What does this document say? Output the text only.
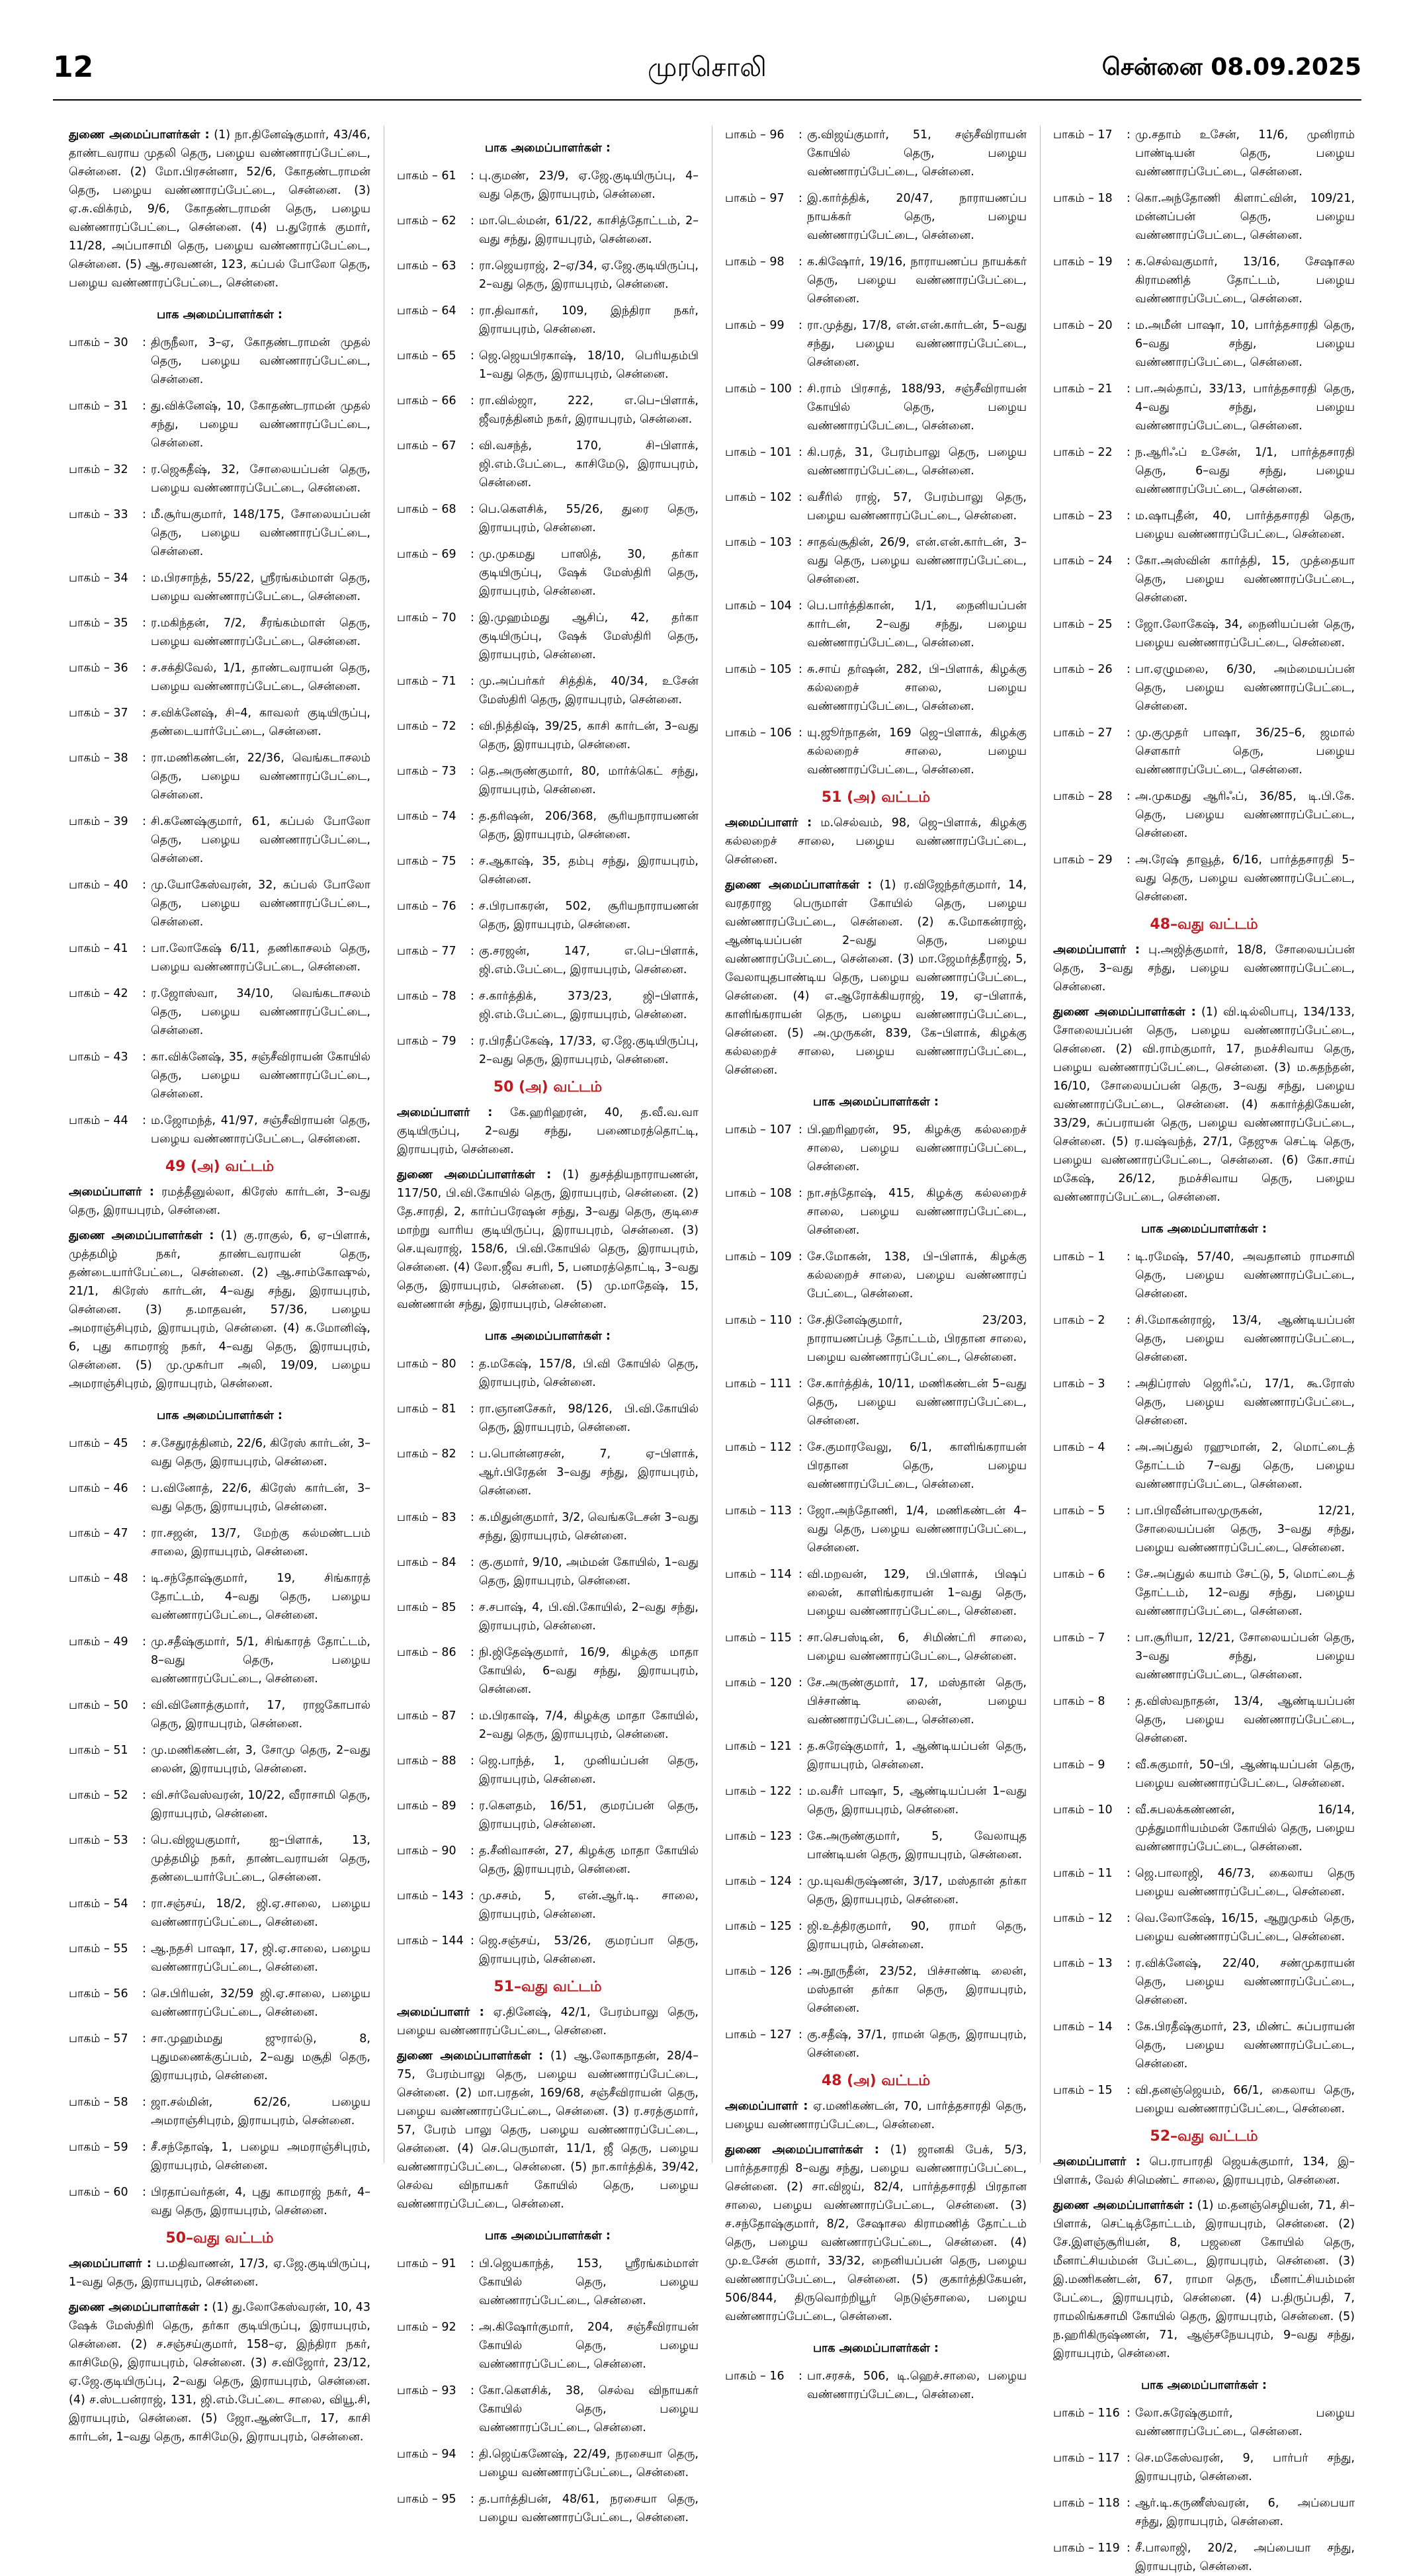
12	முரசொலி	சென்னை 08.09.2025

துணை அமைப்பாளர்கள் : (1) நா.தினேஷ்குமார், 43/46, தாண்டவராய முதலி தெரு, பழைய வண்ணாரப்பேட்டை, சென்னை. (2) மோ.பிரசன்னா, 52/6, கோதண்டராமன் தெரு, பழைய வண்ணாரப்பேட்டை, சென்னை. (3) ஏ.சு.விக்ரம், 9/6, கோதண்டராமன் தெரு, பழைய வண்ணாரப்பேட்டை, சென்னை. (4) ப.துரோக் குமார், 11/28, அப்பாசாமி தெரு, பழைய வண்ணாரப்பேட்டை, சென்னை. (5) ஆ.சரவணன், 123, கப்பல் போலோ தெரு, பழைய வண்ணாரப்பேட்டை, சென்னை.

பாக அமைப்பாளர்கள் :
பாகம் – 30	: திருநீலா, 3–ஏ, கோதண்டராமன் முதல் தெரு, பழைய வண்ணாரப்பேட்டை, சென்னை.
பாகம் – 31	: து.விக்னேஷ், 10, கோதண்டராமன் முதல் சந்து, பழைய வண்ணாரப்பேட்டை, சென்னை.
பாகம் – 32	: ர.ஜெகதீஷ், 32, சோலையப்பன் தெரு, பழைய வண்ணாரப்பேட்டை, சென்னை.
பாகம் – 33	: மீ.சூர்யகுமார், 148/175, சோலையப்பன் தெரு, பழைய வண்ணாரப்பேட்டை, சென்னை.
பாகம் – 34	: ம.பிரசாந்த், 55/22, ஸ்ரீரங்கம்மாள் தெரு, பழைய வண்ணாரப்பேட்டை, சென்னை.
பாகம் – 35	: ர.மகிந்தன், 7/2, சீரங்கம்மாள் தெரு, பழைய வண்ணாரப்பேட்டை, சென்னை.
பாகம் – 36	: ச.சக்திவேல், 1/1, தாண்டவராயன் தெரு, பழைய வண்ணாரப்பேட்டை, சென்னை.
பாகம் – 37	: ச.விக்னேஷ், சி–4, காவலர் குடியிருப்பு, தண்டையார்பேட்டை, சென்னை.
பாகம் – 38	: ரா.மணிகண்டன், 22/36, வெங்கடாசலம் தெரு, பழைய வண்ணாரப்பேட்டை, சென்னை.
பாகம் – 39	: சி.கணேஷ்குமார், 61, கப்பல் போலோ தெரு, பழைய வண்ணாரப்பேட்டை, சென்னை.
பாகம் – 40	: மு.யோகேஸ்வரன், 32, கப்பல் போலோ தெரு, பழைய வண்ணாரப்பேட்டை, சென்னை.
பாகம் – 41	: பா.லோகேஷ் 6/11, தணிகாசலம் தெரு, பழைய வண்ணாரப்பேட்டை, சென்னை.
பாகம் – 42	: ர.ஜோஸ்வா, 34/10, வெங்கடாசலம் தெரு, பழைய வண்ணாரப்பேட்டை, சென்னை.
பாகம் – 43	: கா.விக்னேஷ், 35, சஞ்சீவிராயன் கோயில் தெரு, பழைய வண்ணாரப்பேட்டை, சென்னை.
பாகம் – 44	: ம.ஜோமந்த், 41/97, சஞ்சீவிராயன் தெரு, பழைய வண்ணாரப்பேட்டை, சென்னை.
49 (அ) வட்டம்

அமைப்பாளர் : ரமத்தீனுல்லா, கிரேஸ் கார்டன், 3–வது தெரு, இராயபுரம், சென்னை.

துணை அமைப்பாளர்கள் : (1) கு.ராகுல், 6, ஏ–பிளாக், முத்தமிழ் நகர், தாண்டவராயன் தெரு, தண்டையார்பேட்டை, சென்னை. (2) ஆ.சாம்கோஷுல், 21/1, கிரேஸ் கார்டன், 4–வது சந்து, இராயபுரம், சென்னை. (3) த.மாதவன், 57/36, பழைய அமராஞ்சிபுரம், இராயபுரம், சென்னை. (4) க.மோனிஷ், 6, புது காமராஜ் நகர், 4–வது தெரு, இராயபுரம், சென்னை. (5) மு.முகர்பா அலி, 19/09, பழைய அமராஞ்சிபுரம், இராயபுரம், சென்னை.

பாக அமைப்பாளர்கள் :
பாகம் – 45	: ச.சேதுரத்தினம், 22/6, கிரேஸ் கார்டன், 3–வது தெரு, இராயபுரம், சென்னை.
பாகம் – 46	: ப.வினோத், 22/6, கிரேஸ் கார்டன், 3–வது தெரு, இராயபுரம், சென்னை.
பாகம் – 47	: ரா.சஜன், 13/7, மேற்கு கல்மண்டபம் சாலை, இராயபுரம், சென்னை.
பாகம் – 48	: டி.சந்தோஷ்குமார், 19, சிங்காரத் தோட்டம், 4–வது தெரு, பழைய வண்ணாரப்பேட்டை, சென்னை.
பாகம் – 49	: மு.சதீஷ்குமார், 5/1, சிங்காரத் தோட்டம், 8–வது தெரு, பழைய வண்ணாரப்பேட்டை, சென்னை.
பாகம் – 50	: வி.வினோத்குமார், 17, ராஜகோபால் தெரு, இராயபுரம், சென்னை.
பாகம் – 51	: மு.மணிகண்டன், 3, சோமு தெரு, 2–வது லைன், இராயபுரம், சென்னை.
பாகம் – 52	: வி.சர்வேஸ்வரன், 10/22, வீராசாமி தெரு, இராயபுரம், சென்னை.
பாகம் – 53	: பெ.விஜயகுமார், ஐ–பிளாக், 13, முத்தமிழ் நகர், தாண்டவராயன் தெரு, தண்டையார்பேட்டை, சென்னை.
பாகம் – 54	: ரா.சஞ்சய், 18/2, ஜி.ஏ.சாலை, பழைய வண்ணாரப்பேட்டை, சென்னை.
பாகம் – 55	: ஆ.நதசி பாஷா, 17, ஜி.ஏ.சாலை, பழைய வண்ணாரப்பேட்டை, சென்னை.
பாகம் – 56	: செ.பிரியன், 32/59 ஜி.ஏ.சாலை, பழைய வண்ணாரப்பேட்டை, சென்னை.
பாகம் – 57	: சா.முஹம்மது ஜுரால்டு, 8, புதுமணைக்குப்பம், 2–வது மசூதி தெரு, இராயபுரம், சென்னை.
பாகம் – 58	: ஜா.சல்மின், 62/26, பழைய அமராஞ்சிபுரம், இராயபுரம், சென்னை.
பாகம் – 59	: சீ.சந்தோஷ், 1, பழைய அமராஞ்சிபுரம், இராயபுரம், சென்னை.
பாகம் – 60	: பிரதாப்வர்தன், 4, புது காமராஜ் நகர், 4–வது தெரு, இராயபுரம், சென்னை.
50–வது வட்டம்

அமைப்பாளர் : ப.மதிவாணன், 17/3, ஏ.ஜே.குடியிருப்பு, 1–வது தெரு, இராயபுரம், சென்னை.

துணை அமைப்பாளர்கள் : (1) து.லோகேஸ்வரன், 10, 43 ஷேக் மேஸ்திரி தெரு, தர்கா குடியிருப்பு, இராயபுரம், சென்னை. (2) ச.சஞ்சய்குமார், 158–ஏ, இந்திரா நகர், காசிமேடு, இராயபுரம், சென்னை. (3) ச.விஜோர், 23/12, ஏ.ஜே.குடியிருப்பு, 2–வது தெரு, இராயபுரம், சென்னை. (4) ச.ஸ்டபன்ராஜ், 131, ஜி.எம்.பேட்டை சாலை, வியூ.சி, இராயபுரம், சென்னை. (5) ஜோ.ஆண்டோ, 17, காசி கார்டன், 1–வது தெரு, காசிமேடு, இராயபுரம், சென்னை.

பாக அமைப்பாளர்கள் :
பாகம் – 61	: பு.குமண், 23/9, ஏ.ஜே.குடியிருப்பு, 4–வது தெரு, இராயபுரம், சென்னை.
பாகம் – 62	: மா.டெல்மன், 61/22, காசித்தோட்டம், 2–வது சந்து, இராயபுரம், சென்னை.
பாகம் – 63	: ரா.ஜெயராஜ், 2–ஏ/34, ஏ.ஜே.குடியிருப்பு, 2–வது தெரு, இராயபுரம், சென்னை.
பாகம் – 64	: ரா.திவாகர், 109, இந்திரா நகர், இராயபுரம், சென்னை.
பாகம் – 65	: ஜெ.ஜெயபிரகாஷ், 18/10, பெரியதம்பி 1–வது தெரு, இராயபுரம், சென்னை.
பாகம் – 66	: ரா.வில்ஜா, 222, எ.பெ–பிளாக், ஜீவரத்தினம் நகர், இராயபுரம், சென்னை.
பாகம் – 67	: வி.வசந்த், 170, சி–பிளாக், ஜி.எம்.பேட்டை, காசிமேடு, இராயபுரம், சென்னை.
பாகம் – 68	: பெ.கௌசிக், 55/26, துரை தெரு, இராயபுரம், சென்னை.
பாகம் – 69	: மு.முகமது பாஸித், 30, தர்கா குடியிருப்பு, ஷேக் மேஸ்திரி தெரு, இராயபுரம், சென்னை.
பாகம் – 70	: இ.முஹம்மது ஆசிப், 42, தர்கா குடியிருப்பு, ஷேக் மேஸ்திரி தெரு, இராயபுரம், சென்னை.
பாகம் – 71	: மு.அப்பர்கர் சித்திக், 40/34, உசேன் மேஸ்திரி தெரு, இராயபுரம், சென்னை.
பாகம் – 72	: வி.நித்திஷ், 39/25, காசி கார்டன், 3–வது தெரு, இராயபுரம், சென்னை.
பாகம் – 73	: தெ.அருண்குமார், 80, மார்க்கெட் சந்து, இராயபுரம், சென்னை.
பாகம் – 74	: த.தரிஷன், 206/368, சூரியநாராயணன் தெரு, இராயபுரம், சென்னை.
பாகம் – 75	: ச.ஆகாஷ், 35, தம்பு சந்து, இராயபுரம், சென்னை.
பாகம் – 76	: ச.பிரபாகரன், 502, சூரியநாராயணன் தெரு, இராயபுரம், சென்னை.
பாகம் – 77	: கு.சரஜன், 147, எ.பெ–பிளாக், ஜி.எம்.பேட்டை, இராயபுரம், சென்னை.
பாகம் – 78	: ச.கார்த்திக், 373/23, ஜி–பிளாக், ஜி.எம்.பேட்டை, இராயபுரம், சென்னை.
பாகம் – 79	: ர.பிரதீப்கேஷ், 17/33, ஏ.ஜே.குடியிருப்பு, 2–வது தெரு, இராயபுரம், சென்னை.
50 (அ) வட்டம்

அமைப்பாளர் : கே.ஹரிஹரன், 40, த.வீ.வ.வா குடியிருப்பு, 2–வது சந்து, பணைமரத்தொட்டி, இராயபுரம், சென்னை.

துணை அமைப்பாளர்கள் : (1) துசத்தியநாராயணன், 117/50, பி.வி.கோயில் தெரு, இராயபுரம், சென்னை. (2) தே.சாரதி, 2, கார்ப்பரேஷன் சந்து, 3–வது தெரு, குடிசை மாற்று வாரிய குடியிருப்பு, இராயபுரம், சென்னை. (3) செ.யுவராஜ், 158/6, பி.வி.கோயில் தெரு, இராயபுரம், சென்னை. (4) லோ.ஜீவ சபரி, 5, பனமரத்தொட்டி, 3–வது தெரு, இராயபுரம், சென்னை. (5) மு.மாதேஷ், 15, வண்ணான் சந்து, இராயபுரம், சென்னை.

பாக அமைப்பாளர்கள் :
பாகம் – 80	: த.மகேஷ், 157/8, பி.வி கோயில் தெரு, இராயபுரம், சென்னை.
பாகம் – 81	: ரா.ஞானசேகர், 98/126, பி.வி.கோயில் தெரு, இராயபுரம், சென்னை.
பாகம் – 82	: ப.பொன்னரசன், 7, ஏ–பிளாக், ஆர்.பிரேதன் 3–வது சந்து, இராயபுரம், சென்னை.
பாகம் – 83	: க.மிதுன்குமார், 3/2, வெங்கடேசன் 3–வது சந்து, இராயபுரம், சென்னை.
பாகம் – 84	: கு.குமார், 9/10, அம்மன் கோயில், 1–வது தெரு, இராயபுரம், சென்னை.
பாகம் – 85	: ச.சபாஷ், 4, பி.வி.கோயில், 2–வது சந்து, இராயபுரம், சென்னை.
பாகம் – 86	: நி.ஜிதேஷ்குமார், 16/9, கிழக்கு மாதா கோயில், 6–வது சந்து, இராயபுரம், சென்னை.
பாகம் – 87	: ம.பிரகாஷ், 7/4, கிழக்கு மாதா கோயில், 2–வது தெரு, இராயபுரம், சென்னை.
பாகம் – 88	: ஜெ.பாந்த், 1, முனியப்பன் தெரு, இராயபுரம், சென்னை.
பாகம் – 89	: ர.கௌதம், 16/51, குமரப்பன் தெரு, இராயபுரம், சென்னை.
பாகம் – 90	: த.சீனிவாசன், 27, கிழக்கு மாதா கோயில் தெரு, இராயபுரம், சென்னை.
பாகம் – 143 : மு.சசம், 5, என்.ஆர்.டி. சாலை, இராயபுரம், சென்னை.
பாகம் – 144 : ஜெ.சஞ்சய், 53/26, குமரப்பா தெரு, இராயபுரம், சென்னை.
51–வது வட்டம்

அமைப்பாளர் : ஏ.தினேஷ், 42/1, பேரம்பாலு தெரு, பழைய வண்ணாரப்பேட்டை, சென்னை.

துணை அமைப்பாளர்கள் : (1) ஆ.லோகநாதன், 28/4–75, பேரம்பாலு தெரு, பழைய வண்ணாரப்பேட்டை, சென்னை. (2) மா.பரதன், 169/68, சஞ்சீவிராயன் தெரு, பழைய வண்ணாரப்பேட்டை, சென்னை. (3) ர.சரத்குமார், 57, பேரம் பாலு தெரு, பழைய வண்ணாரப்பேட்டை, சென்னை. (4) செ.பெருமாள், 11/1, ஜீ தெரு, பழைய வண்ணாரப்பேட்டை, சென்னை. (5) நா.கார்த்திக், 39/42, செல்வ விநாயகர் கோயில் தெரு, பழைய வண்ணாரப்பேட்டை, சென்னை.

பாக அமைப்பாளர்கள் :
பாகம் – 91	: பி.ஜெயகாந்த், 153, ஸ்ரீரங்கம்மாள் கோயில் தெரு, பழைய வண்ணாரப்பேட்டை, சென்னை.
பாகம் – 92	: அ.கிஷோர்குமார், 204, சஞ்சீவிராயன் கோயில் தெரு, பழைய வண்ணாரப்பேட்டை, சென்னை.
பாகம் – 93	: கோ.கௌசிக், 38, செல்வ விநாயகர் கோயில் தெரு, பழைய வண்ணாரப்பேட்டை, சென்னை.
பாகம் – 94	: தி.ஜெய்கணேஷ், 22/49, நரசையா தெரு, பழைய வண்ணாரப்பேட்டை, சென்னை.
பாகம் – 95	: த.பார்த்திபன், 48/61, நரசையா தெரு, பழைய வண்ணாரப்பேட்டை, சென்னை.
பாகம் – 96	: கு.விஜய்குமார், 51, சஞ்சீவிராயன் கோயில் தெரு, பழைய வண்ணாரப்பேட்டை, சென்னை.
பாகம் – 97	: இ.கார்த்திக், 20/47, நாராயணப்ப நாயக்கர் தெரு, பழைய வண்ணாரப்பேட்டை, சென்னை.
பாகம் – 98	: க.கிஷோர், 19/16, நாராயணப்ப நாயக்கர் தெரு, பழைய வண்ணாரப்பேட்டை, சென்னை.
பாகம் – 99	: ரா.முத்து, 17/8, என்.என்.கார்டன், 5–வது சந்து, பழைய வண்ணாரப்பேட்டை, சென்னை.
பாகம் – 100 : சி.ராம் பிரசாத், 188/93, சஞ்சீவிராயன் கோயில் தெரு, பழைய வண்ணாரப்பேட்டை, சென்னை.
பாகம் – 101 : கி.பரத், 31, பேரம்பாலு தெரு, பழைய வண்ணாரப்பேட்டை, சென்னை.
பாகம் – 102 : வசீரில் ராஜ், 57, பேரம்பாலு தெரு, பழைய வண்ணாரப்பேட்டை, சென்னை.
பாகம் – 103 : சாதவ்சூதின், 26/9, என்.என்.கார்டன், 3–வது தெரு, பழைய வண்ணாரப்பேட்டை, சென்னை.
பாகம் – 104 : பெ.பார்த்திகான், 1/1, நைனியப்பன் கார்டன், 2–வது சந்து, பழைய வண்ணாரப்பேட்டை, சென்னை.
பாகம் – 105 : சு.சாய் தர்ஷன், 282, பி–பிளாக், கிழக்கு கல்லறைச் சாலை, பழைய வண்ணாரப்பேட்டை, சென்னை.
பாகம் – 106 : யு.ஜூர்நாதன், 169 ஜெ–பிளாக், கிழக்கு கல்லறைச் சாலை, பழைய வண்ணாரப்பேட்டை, சென்னை.
51 (அ) வட்டம்

அமைப்பாளர் : ம.செல்வம், 98, ஜெ–பிளாக், கிழக்கு கல்லறைச் சாலை, பழைய வண்ணாரப்பேட்டை, சென்னை.

துணை அமைப்பாளர்கள் : (1) ர.விஜேந்தர்குமார், 14, வரதராஜ பெருமாள் கோயில் தெரு, பழைய வண்ணாரப்பேட்டை, சென்னை. (2) க.மோகன்ராஜ், ஆண்டியப்பன் 2–வது தெரு, பழைய வண்ணாரப்பேட்டை, சென்னை. (3) மா.ஜேமர்த்தீராஜ், 5, வேலாயுதபாண்டிய தெரு, பழைய வண்ணாரப்பேட்டை, சென்னை. (4) எ.ஆரோக்கியராஜ், 19, ஏ–பிளாக், காளிங்கராயன் தெரு, பழைய வண்ணாரப்பேட்டை, சென்னை. (5) அ.முருகன், 839, கே–பிளாக், கிழக்கு கல்லறைச் சாலை, பழைய வண்ணாரப்பேட்டை, சென்னை.

பாக அமைப்பாளர்கள் :
பாகம் – 107 : பி.ஹரிஹரன், 95, கிழக்கு கல்லறைச் சாலை, பழைய வண்ணாரப்பேட்டை, சென்னை.
பாகம் – 108 : நா.சந்தோஷ், 415, கிழக்கு கல்லறைச் சாலை, பழைய வண்ணாரப்பேட்டை, சென்னை.
பாகம் – 109 : சே.மோகன், 138, பி–பிளாக், கிழக்கு கல்லறைச் சாலை, பழைய வண்ணாரப் பேட்டை, சென்னை.
பாகம் – 110 : சே.தினேஷ்குமார், 23/203, நாராயணப்பத் தோட்டம், பிரதான சாலை, பழைய வண்ணாரப்பேட்டை, சென்னை.
பாகம் – 111 : சே.கார்த்திக், 10/11, மணிகண்டன் 5–வது தெரு, பழைய வண்ணாரப்பேட்டை, சென்னை.
பாகம் – 112 : சே.குமாரவேலு, 6/1, காளிங்கராயன் பிரதான தெரு, பழைய வண்ணாரப்பேட்டை, சென்னை.
பாகம் – 113 : ஜோ.அந்தோணி, 1/4, மணிகண்டன் 4–வது தெரு, பழைய வண்ணாரப்பேட்டை, சென்னை.
பாகம் – 114 : வி.மறவன், 129, பி.பிளாக், பிஷப் லைன், காளிங்கராயன் 1–வது தெரு, பழைய வண்ணாரப்பேட்டை, சென்னை.
பாகம் – 115 : சா.செபஸ்டின், 6, சிமிண்ட்ரி சாலை, பழைய வண்ணாரப்பேட்டை, சென்னை.
பாகம் – 120 : சே.அருண்குமார், 17, மஸ்தான் தெரு, பிச்சாண்டி லைன், பழைய வண்ணாரப்பேட்டை, சென்னை.
பாகம் – 121 : த.சுரேஷ்குமார், 1, ஆண்டியப்பன் தெரு, இராயபுரம், சென்னை.
பாகம் – 122 : ம.வசீர் பாஷா, 5, ஆண்டியப்பன் 1–வது தெரு, இராயபுரம், சென்னை.
பாகம் – 123 : கே.அருண்குமார், 5, வேலாயுத பாண்டியன் தெரு, இராயபுரம், சென்னை.
பாகம் – 124 : மு.யுவகிருஷ்ணன், 3/17, மஸ்தான் தர்கா தெரு, இராயபுரம், சென்னை.
பாகம் – 125 : ஜி.உத்திரகுமார், 90, ராமர் தெரு, இராயபுரம், சென்னை.
பாகம் – 126 : அ.நூருதீன், 23/52, பிச்சாண்டி லைன், மஸ்தான் தர்கா தெரு, இராயபுரம், சென்னை.
பாகம் – 127 : கு.சதீஷ், 37/1, ராமன் தெரு, இராயபுரம், சென்னை.
48 (அ) வட்டம்

அமைப்பாளர் : ஏ.மணிகண்டன், 70, பார்த்தசாரதி தெரு, பழைய வண்ணாரப்பேட்டை, சென்னை.

துணை அமைப்பாளர்கள் : (1) ஜானகி பேக், 5/3, பார்த்தசாரதி 8–வது சந்து, பழைய வண்ணாரப்பேட்டை, சென்னை. (2) சா.விஜய், 82/4, பார்த்தசாரதி பிரதான சாலை, பழைய வண்ணாரப்பேட்டை, சென்னை. (3) ச.சந்தோஷ்குமார், 8/2, சேஷாசல கிராமணித் தோட்டம் தெரு, பழைய வண்ணாரப்பேட்டை, சென்னை. (4) மு.உசேன் குமார், 33/32, நைனியப்பன் தெரு, பழைய வண்ணாரப்பேட்டை, சென்னை. (5) குகார்த்திகேயன், 506/844, திருவொற்றியூர் நெடுஞ்சாலை, பழைய வண்ணாரப்பேட்டை, சென்னை.

பாக அமைப்பாளர்கள் :
பாகம் – 16	: பா.சரசக், 506, டி.ஹெச்.சாலை, பழைய வண்ணாரப்பேட்டை, சென்னை.
பாகம் – 17	: மு.சதாம் உசேன், 11/6, முனிராம் பாண்டியன் தெரு, பழைய வண்ணாரப்பேட்டை, சென்னை.
பாகம் – 18	: கொ.அந்தோணி கிளாட்வின், 109/21, மன்னப்பன் தெரு, பழைய வண்ணாரப்பேட்டை, சென்னை.
பாகம் – 19	: க.செல்வகுமார், 13/16, சேஷாசல கிராமணித் தோட்டம், பழைய வண்ணாரப்பேட்டை, சென்னை.
பாகம் – 20	: ம.அமீன் பாஷா, 10, பார்த்தசாரதி தெரு, 6–வது சந்து, பழைய வண்ணாரப்பேட்டை, சென்னை.
பாகம் – 21	: பா.அல்தாப், 33/13, பார்த்தசாரதி தெரு, 4–வது சந்து, பழைய வண்ணாரப்பேட்டை, சென்னை.
பாகம் – 22	: ந.ஆரிஃப் உசேன், 1/1, பார்த்தசாரதி தெரு, 6–வது சந்து, பழைய வண்ணாரப்பேட்டை, சென்னை.
பாகம் – 23	: ம.ஷாபுதீன், 40, பார்த்தசாரதி தெரு, பழைய வண்ணாரப்பேட்டை, சென்னை.
பாகம் – 24	: கோ.அஸ்வின் கார்த்தி, 15, முத்தையா தெரு, பழைய வண்ணாரப்பேட்டை, சென்னை.
பாகம் – 25	: ஜோ.லோகேஷ், 34, நைனியப்பன் தெரு, பழைய வண்ணாரப்பேட்டை, சென்னை.
பாகம் – 26	: பா.ஏழுமலை, 6/30, அம்மையப்பன் தெரு, பழைய வண்ணாரப்பேட்டை, சென்னை.
பாகம் – 27	: மு.குமுதர் பாஷா, 36/25–6, ஜமால் செளகார் தெரு, பழைய வண்ணாரப்பேட்டை, சென்னை.
பாகம் – 28	: அ.முகமது ஆரிஃப், 36/85, டி.பி.கே. தெரு, பழைய வண்ணாரப்பேட்டை, சென்னை.
பாகம் – 29	: அ.ரேஷ் தாவூத், 6/16, பார்த்தசாரதி 5–வது தெரு, பழைய வண்ணாரப்பேட்டை, சென்னை.
48–வது வட்டம்

அமைப்பாளர் : பு.அஜித்குமார், 18/8, சோலையப்பன் தெரு, 3–வது சந்து, பழைய வண்ணாரப்பேட்டை, சென்னை.

துணை அமைப்பாளர்கள் : (1) வி.டில்லிபாபு, 134/133, சோலையப்பன் தெரு, பழைய வண்ணாரப்பேட்டை, சென்னை. (2) வி.ராம்குமார், 17, நமச்சிவாய தெரு, பழைய வண்ணாரப்பேட்டை, சென்னை. (3) ம.சுதந்தன், 16/10, சோலையப்பன் தெரு, 3–வது சந்து, பழைய வண்ணாரப்பேட்டை, சென்னை. (4) சுகார்த்திகேயன், 33/29, சுப்பராயன் தெரு, பழைய வண்ணாரப்பேட்டை, சென்னை. (5) ர.யஷ்வந்த், 27/1, தேஜுசு செட்டி தெரு, பழைய வண்ணாரப்பேட்டை, சென்னை. (6) கோ.சாய் மகேஷ், 26/12, நமச்சிவாய தெரு, பழைய வண்ணாரப்பேட்டை, சென்னை.

பாக அமைப்பாளர்கள் :
பாகம் – 1	: டி.ரமேஷ், 57/40, அவதானம் ராமசாமி தெரு, பழைய வண்ணாரப்பேட்டை, சென்னை.
பாகம் – 2	: சி.மோகன்ராஜ், 13/4, ஆண்டியப்பன் தெரு, பழைய வண்ணாரப்பேட்டை, சென்னை.
பாகம் – 3	: அதிப்ராஸ் ஜெரிஃப், 17/1, கூ.ரோஸ் தெரு, பழைய வண்ணாரப்பேட்டை, சென்னை.
பாகம் – 4	: அ.அப்துல் ரஹுமான், 2, மொட்டைத் தோட்டம் 7–வது தெரு, பழைய வண்ணாரப்பேட்டை, சென்னை.
பாகம் – 5	: பா.பிரவீன்பாலமுருகன், 12/21, சோலையப்பன் தெரு, 3–வது சந்து, பழைய வண்ணாரப்பேட்டை, சென்னை.
பாகம் – 6	: சே.அப்துல் கயாம் சேட்டு, 5, மொட்டைத் தோட்டம், 12–வது சந்து, பழைய வண்ணாரப்பேட்டை, சென்னை.
பாகம் – 7	: பா.சூரியா, 12/21, சோலையப்பன் தெரு, 3–வது சந்து, பழைய வண்ணாரப்பேட்டை, சென்னை.
பாகம் – 8	: த.விஸ்வநாதன், 13/4, ஆண்டியப்பன் தெரு, பழைய வண்ணாரப்பேட்டை, சென்னை.
பாகம் – 9	: வீ.சுகுமார், 50–பி, ஆண்டியப்பன் தெரு, பழைய வண்ணாரப்பேட்டை, சென்னை.
பாகம் – 10	: வீ.சுபலக்கண்ணன், 16/14, முத்துமாரியம்மன் கோயில் தெரு, பழைய வண்ணாரப்பேட்டை, சென்னை.
பாகம் – 11	: ஜெ.பாலாஜி, 46/73, கைலாய தெரு பழைய வண்ணாரப்பேட்டை, சென்னை.
பாகம் – 12	: வெ.லோகேஷ், 16/15, ஆறுமுகம் தெரு, பழைய வண்ணாரப்பேட்டை, சென்னை.
பாகம் – 13	: ர.விக்னேஷ், 22/40, சண்முகராயன் தெரு, பழைய வண்ணாரப்பேட்டை, சென்னை.
பாகம் – 14	: கே.பிரதீஷ்குமார், 23, மிண்ட் சுப்பராயன் தெரு, பழைய வண்ணாரப்பேட்டை, சென்னை.
பாகம் – 15	: வி.தனஞ்ஜெயம், 66/1, கைலாய தெரு, பழைய வண்ணாரப்பேட்டை, சென்னை.
52–வது வட்டம்

அமைப்பாளர் : பெ.ராபாரதி ஜெயக்குமார், 134, இ–பிளாக், வேல் சிமெண்ட் சாலை, இராயபுரம், சென்னை.

துணை அமைப்பாளர்கள் : (1) ம.தனஞ்செழியன், 71, சி–பிளாக், செட்டித்தோட்டம், இராயபுரம், சென்னை. (2) சே.இளஞ்சூரியன், 8, பஜனை கோயில் தெரு, மீனாட்சியம்மன் பேட்டை, இராயபுரம், சென்னை. (3) இ.மணிகண்டன், 67, ராமா தெரு, மீனாட்சியம்மன் பேட்டை, இராயபுரம், சென்னை. (4) ப.திருப்பதி, 7, ராமலிங்கசாமி கோயில் தெரு, இராயபுரம், சென்னை. (5) ந.ஹரிகிருஷ்ணன், 71, ஆஞ்சநேயபுரம், 9–வது சந்து, இராயபுரம், சென்னை.

பாக அமைப்பாளர்கள் :
பாகம் – 116 : லோ.சுரேஷ்குமார், பழைய வண்ணாரப்பேட்டை, சென்னை.
பாகம் – 117 : செ.மகேஸ்வரன், 9, பார்பர் சந்து, இராயபுரம், சென்னை.
பாகம் – 118 : ஆர்.டி.கருணீஸ்வரன், 6, அப்பையா சந்து, இராயபுரம், சென்னை.
பாகம் – 119 : சீ.பாலாஜி, 20/2, அப்பையா சந்து, இராயபுரம், சென்னை.
